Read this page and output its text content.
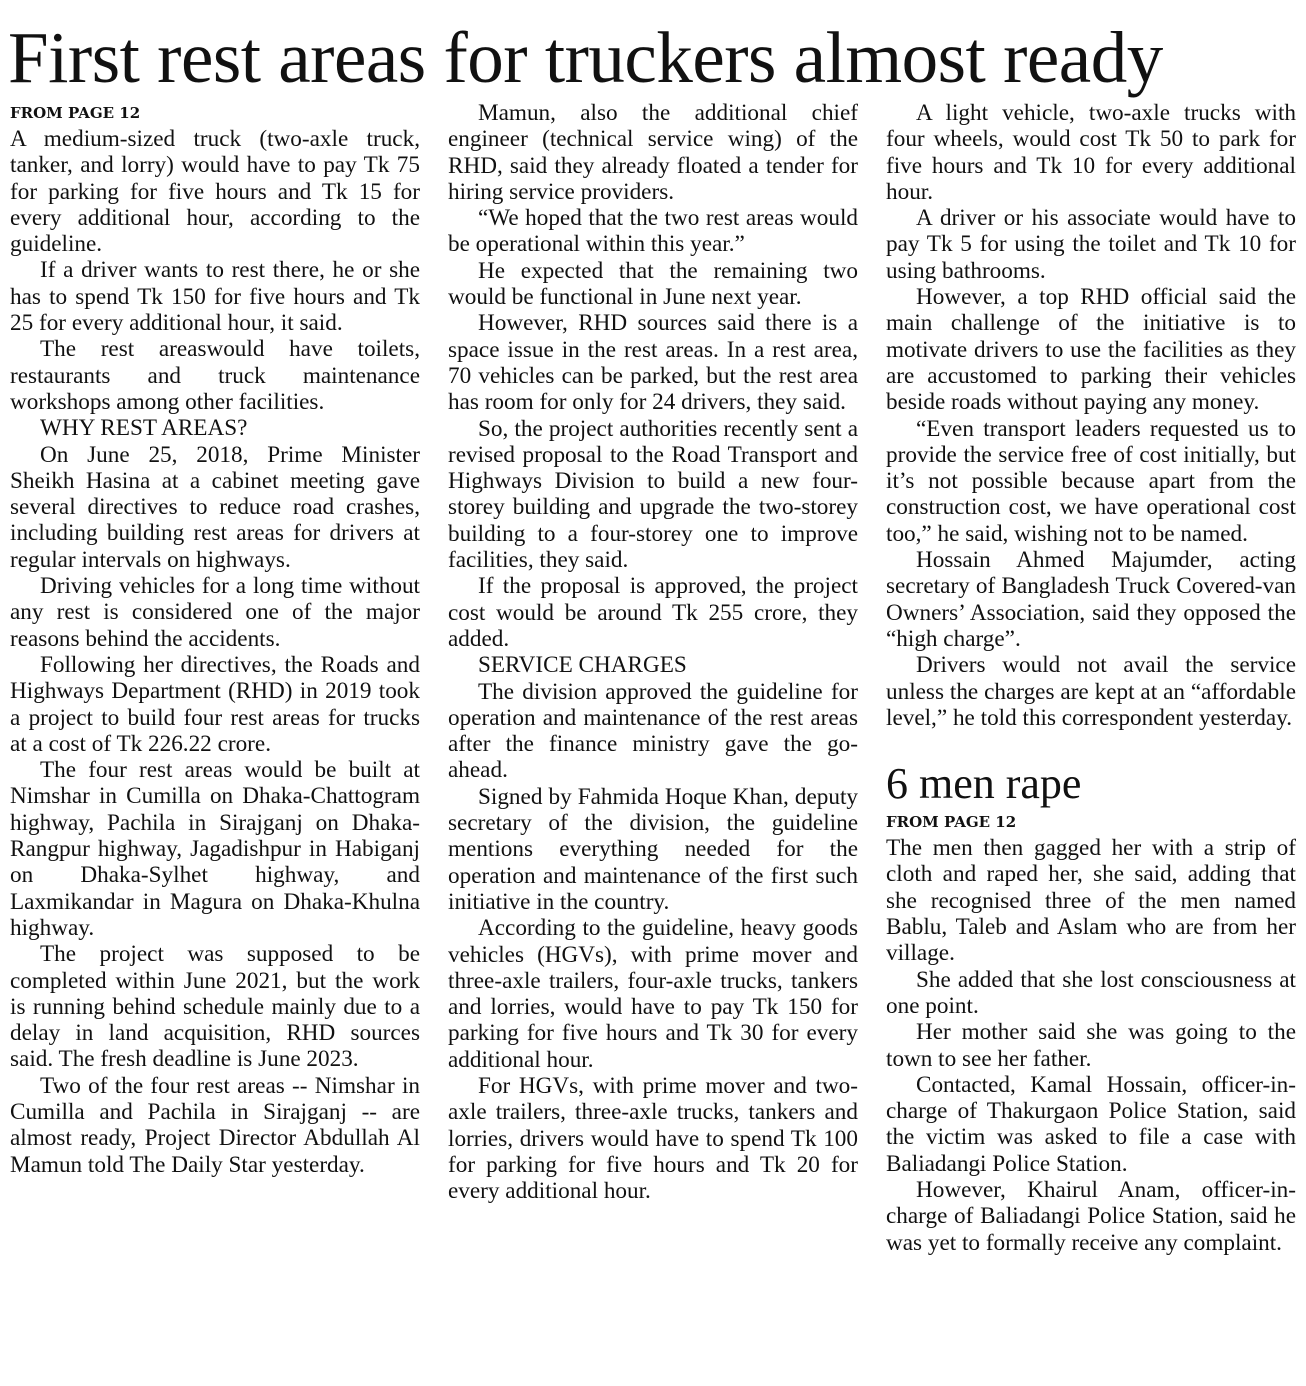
First rest areas for truckers almost ready
FROM PAGE 12

A medium-sized truck (two-axle truck, tanker, and lorry) would have to pay Tk 75 for parking for five hours and Tk 15 for every additional hour, according to the guideline.

If a driver wants to rest there, he or she has to spend Tk 150 for five hours and Tk 25 for every additional hour, it said.

The rest areaswould have toilets, restaurants and truck maintenance workshops among other facilities.

WHY REST AREAS?

On June 25, 2018, Prime Minister Sheikh Hasina at a cabinet meeting gave several directives to reduce road crashes, including building rest areas for drivers at regular intervals on highways.

Driving vehicles for a long time without any rest is considered one of the major reasons behind the accidents.

Following her directives, the Roads and Highways Department (RHD) in 2019 took a project to build four rest areas for trucks at a cost of Tk 226.22 crore.

The four rest areas would be built at Nimshar in Cumilla on Dhaka-Chattogram highway, Pachila in Sirajganj on Dhaka-Rangpur highway, Jagadishpur in Habiganj on Dhaka-Sylhet highway, and Laxmikandar in Magura on Dhaka-Khulna highway.

The project was supposed to be completed within June 2021, but the work is running behind schedule mainly due to a delay in land acquisition, RHD sources said. The fresh deadline is June 2023.

Two of the four rest areas -- Nimshar in Cumilla and Pachila in Sirajganj -- are almost ready, Project Director Abdullah Al Mamun told The Daily Star yesterday.

Mamun, also the additional chief engineer (technical service wing) of the RHD, said they already floated a tender for hiring service providers.

“We hoped that the two rest areas would be operational within this year.”

He expected that the remaining two would be functional in June next year.

However, RHD sources said there is a space issue in the rest areas. In a rest area, 70 vehicles can be parked, but the rest area has room for only for 24 drivers, they said.

So, the project authorities recently sent a revised proposal to the Road Transport and Highways Division to build a new four-storey building and upgrade the two-storey building to a four-storey one to improve facilities, they said.

If the proposal is approved, the project cost would be around Tk 255 crore, they added.

SERVICE CHARGES

The division approved the guideline for operation and maintenance of the rest areas after the finance ministry gave the go-ahead.

Signed by Fahmida Hoque Khan, deputy secretary of the division, the guideline mentions everything needed for the operation and maintenance of the first such initiative in the country.

According to the guideline, heavy goods vehicles (HGVs), with prime mover and three-axle trailers, four-axle trucks, tankers and lorries, would have to pay Tk 150 for parking for five hours and Tk 30 for every additional hour.

For HGVs, with prime mover and two-axle trailers, three-axle trucks, tankers and lorries, drivers would have to spend Tk 100 for parking for five hours and Tk 20 for every additional hour.

A light vehicle, two-axle trucks with four wheels, would cost Tk 50 to park for five hours and Tk 10 for every additional hour.

A driver or his associate would have to pay Tk 5 for using the toilet and Tk 10 for using bathrooms.

However, a top RHD official said the main challenge of the initiative is to motivate drivers to use the facilities as they are accustomed to parking their vehicles beside roads without paying any money.

“Even transport leaders requested us to provide the service free of cost initially, but it’s not possible because apart from the construction cost, we have operational cost too,” he said, wishing not to be named.

Hossain Ahmed Majumder, acting secretary of Bangladesh Truck Covered-van Owners’ Association, said they opposed the “high charge”.

Drivers would not avail the service unless the charges are kept at an “affordable level,” he told this correspondent yesterday.

6 men rape
FROM PAGE 12

The men then gagged her with a strip of cloth and raped her, she said, adding that she recognised three of the men named Bablu, Taleb and Aslam who are from her village.

She added that she lost consciousness at one point.

Her mother said she was going to the town to see her father.

Contacted, Kamal Hossain, officer-in-charge of Thakurgaon Police Station, said the victim was asked to file a case with Baliadangi Police Station.

However, Khairul Anam, officer-in-charge of Baliadangi Police Station, said he was yet to formally receive any complaint.
